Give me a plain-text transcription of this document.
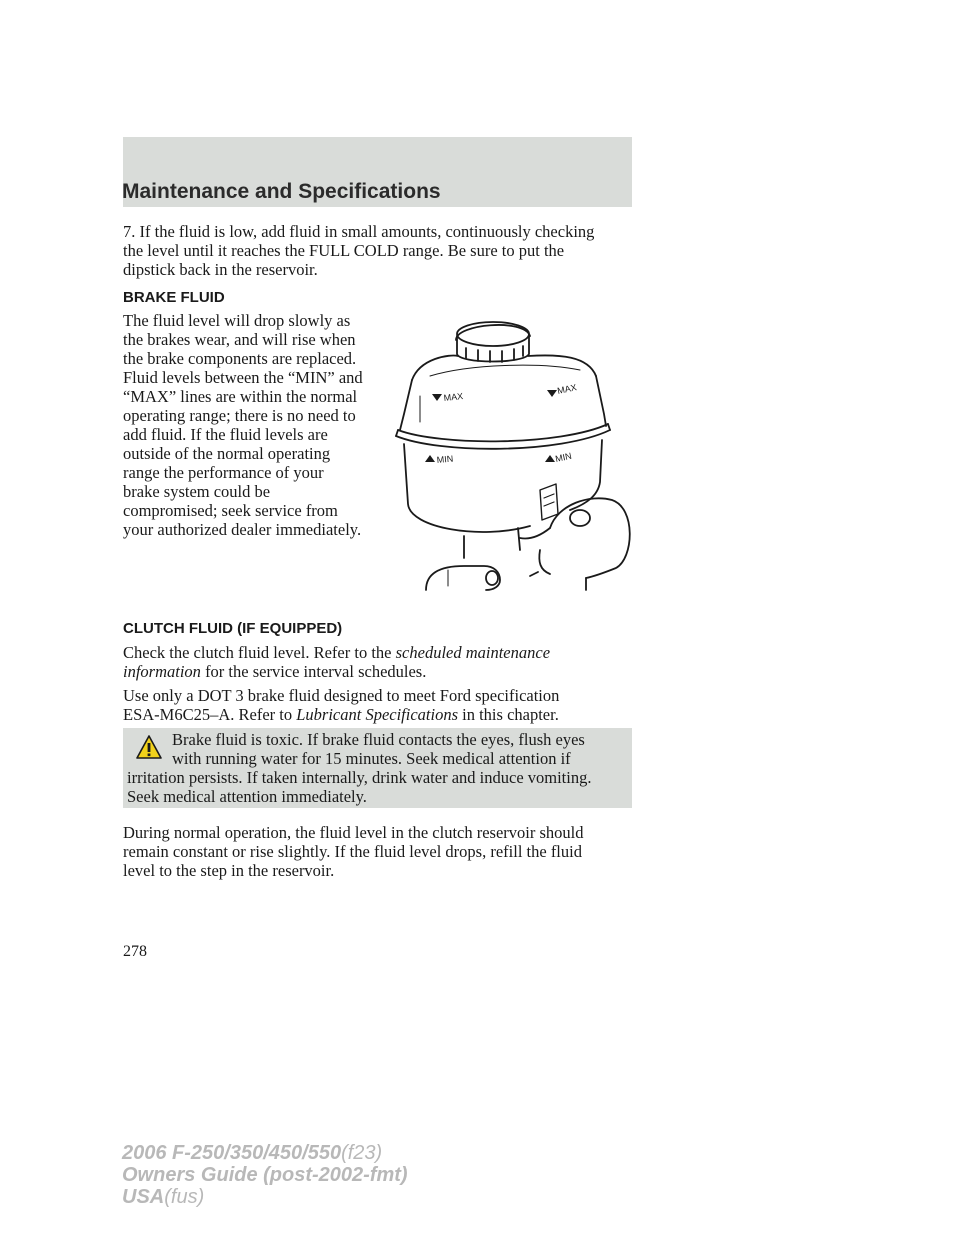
Maintenance and Specifications
7. If the fluid is low, add fluid in small amounts, continuously checking
the level until it reaches the FULL COLD range. Be sure to put the
dipstick back in the reservoir.
BRAKE FLUID
The fluid level will drop slowly as
the brakes wear, and will rise when
the brake components are replaced.
Fluid levels between the “MIN” and
“MAX” lines are within the normal
operating range; there is no need to
add fluid. If the fluid levels are
outside of the normal operating
range the performance of your
brake system could be
compromised; seek service from
your authorized dealer immediately.
MAX
MAX
MIN	MIN
CLUTCH FLUID (IF EQUIPPED)
Check the clutch fluid level. Refer to the scheduled maintenance
information for the service interval schedules.
Use only a DOT 3 brake fluid designed to meet Ford specification
ESA-M6C25–A. Refer to Lubricant Specifications in this chapter.
Brake fluid is toxic. If brake fluid contacts the eyes, flush eyes
with running water for 15 minutes. Seek medical attention if
irritation persists. If taken internally, drink water and induce vomiting.
Seek medical attention immediately.
During normal operation, the fluid level in the clutch reservoir should
remain constant or rise slightly. If the fluid level drops, refill the fluid
level to the step in the reservoir.
278
2006 F-250/350/450/550(f23)
Owners Guide (post-2002-fmt)
USA(fus)
